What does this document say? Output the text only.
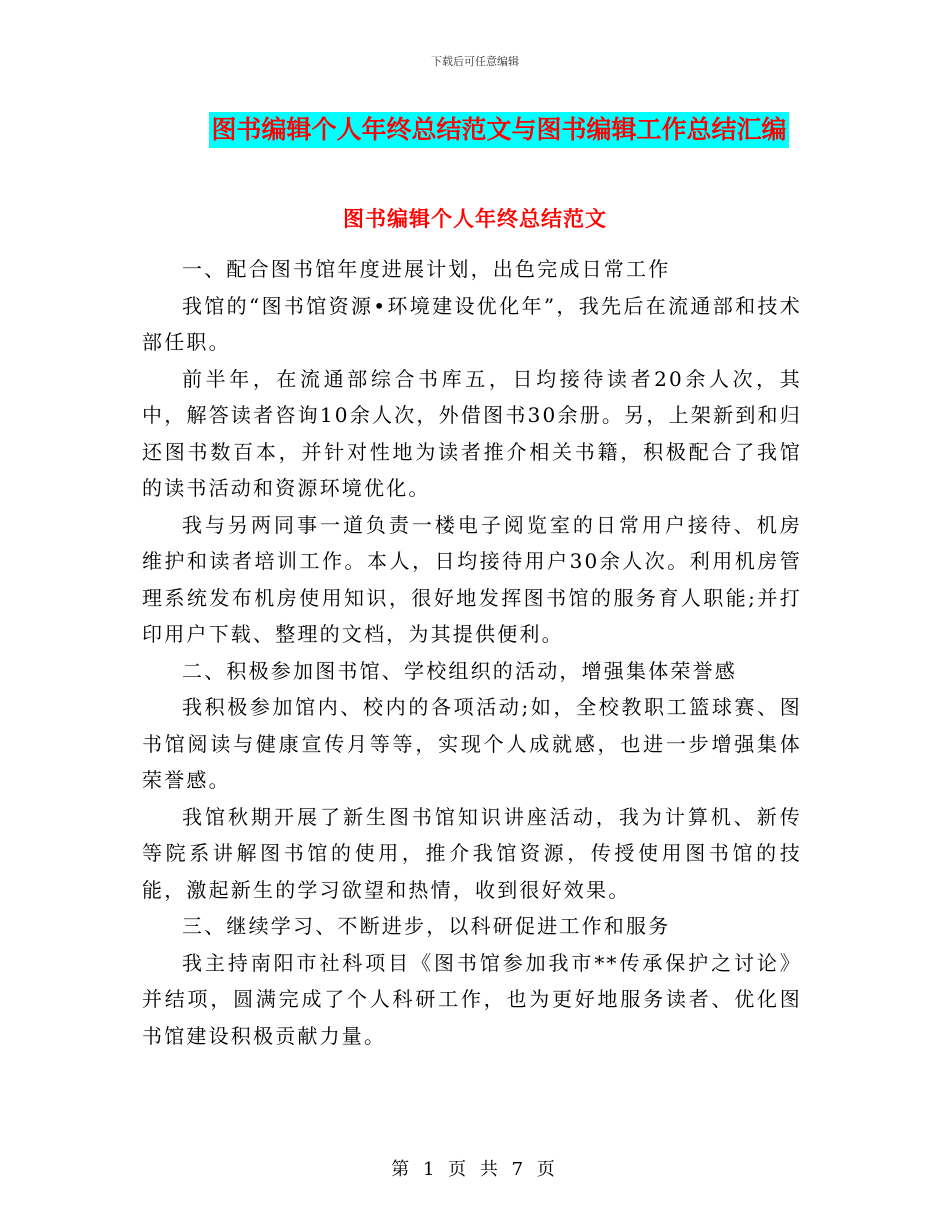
下载后可任意编辑
图书编辑个人年终总结范文与图书编辑工作总结汇编
图书编辑个人年终总结范文

一、配合图书馆年度进展计划，出色完成日常工作

我馆的“图书馆资源•环境建设优化年”，我先后在流通部和技术部任职。

前半年，在流通部综合书库五，日均接待读者20余人次，其中，解答读者咨询10余人次，外借图书30余册。另，上架新到和归还图书数百本，并针对性地为读者推介相关书籍，积极配合了我馆的读书活动和资源环境优化。

我与另两同事一道负责一楼电子阅览室的日常用户接待、机房维护和读者培训工作。本人，日均接待用户30余人次。利用机房管理系统发布机房使用知识，很好地发挥图书馆的服务育人职能;并打印用户下载、整理的文档，为其提供便利。

二、积极参加图书馆、学校组织的活动，增强集体荣誉感

我积极参加馆内、校内的各项活动;如，全校教职工篮球赛、图书馆阅读与健康宣传月等等，实现个人成就感，也进一步增强集体荣誉感。

我馆秋期开展了新生图书馆知识讲座活动，我为计算机、新传等院系讲解图书馆的使用，推介我馆资源，传授使用图书馆的技能，激起新生的学习欲望和热情，收到很好效果。

三、继续学习、不断进步，以科研促进工作和服务

我主持南阳市社科项目《图书馆参加我市**传承保护之讨论》并结项，圆满完成了个人科研工作，也为更好地服务读者、优化图书馆建设积极贡献力量。

第 1 页 共 7 页
